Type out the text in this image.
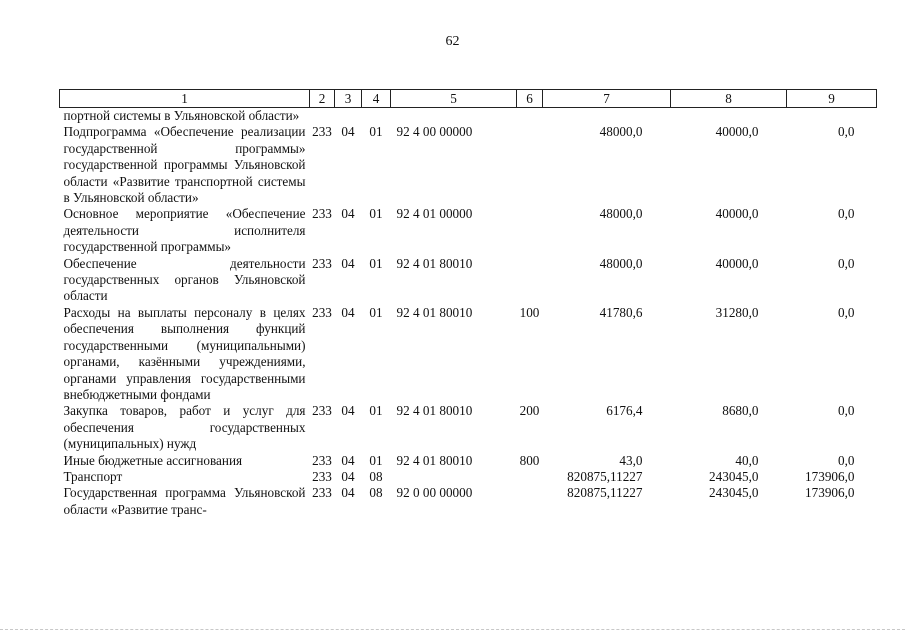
62
1	2	3	4	5	6	7	8	9
портной системы в Ульяновской области»								
Подпрограмма «Обеспечение реализации государственной программы» государственной программы Ульяновской области «Развитие транспортной системы в Ульяновской области»	233	04	01	92 4 00 00000		48000,0	40000,0	0,0
Основное мероприятие «Обеспечение деятельности исполнителя государственной программы»	233	04	01	92 4 01 00000		48000,0	40000,0	0,0
Обеспечение деятельности государственных органов Ульяновской области	233	04	01	92 4 01 80010		48000,0	40000,0	0,0
Расходы на выплаты персоналу в целях обеспечения выполнения функций государственными (муниципальными) органами, казёнными учреждениями, органами управления государственными внебюджетными фондами	233	04	01	92 4 01 80010	100	41780,6	31280,0	0,0
Закупка товаров, работ и услуг для обеспечения государственных (муниципальных) нужд	233	04	01	92 4 01 80010	200	6176,4	8680,0	0,0
Иные бюджетные ассигнования	233	04	01	92 4 01 80010	800	43,0	40,0	0,0
Транспорт	233	04	08			820875,11227	243045,0	173906,0
Государственная программа Ульяновской области «Развитие транс-	233	04	08	92 0 00 00000		820875,11227	243045,0	173906,0
